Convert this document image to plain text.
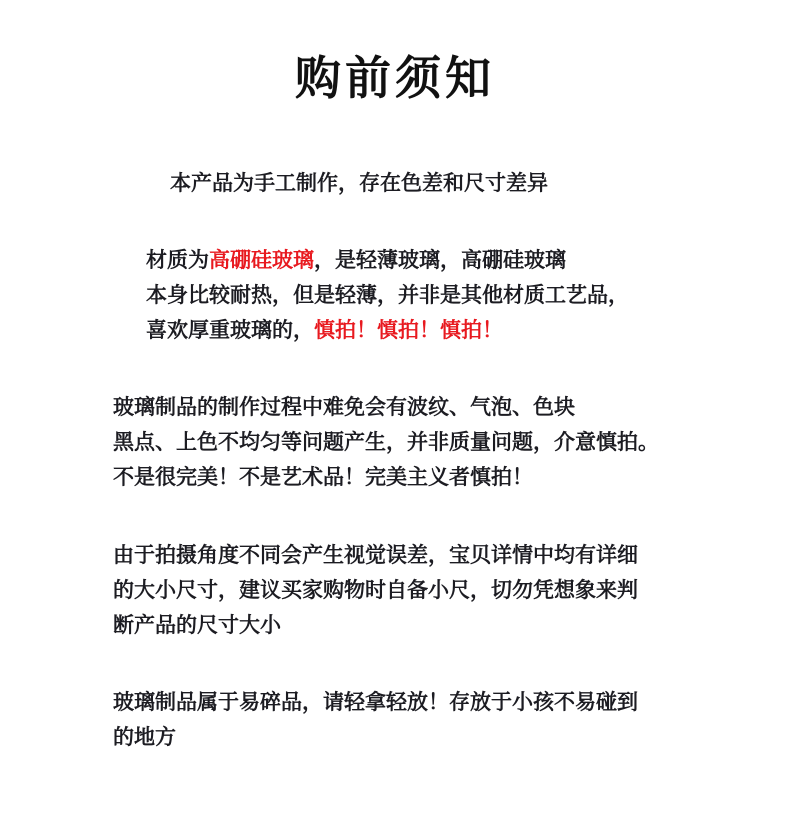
购前须知
本产品为手工制作，存在色差和尺寸差异
材质为高硼硅玻璃，是轻薄玻璃，高硼硅玻璃
本身比较耐热，但是轻薄，并非是其他材质工艺品，
喜欢厚重玻璃的，慎拍！慎拍！慎拍！
玻璃制品的制作过程中难免会有波纹、气泡、色块
黑点、上色不均匀等问题产生，并非质量问题，介意慎拍。
不是很完美！不是艺术品！完美主义者慎拍！
由于拍摄角度不同会产生视觉误差，宝贝详情中均有详细
的大小尺寸，建议买家购物时自备小尺，切勿凭想象来判
断产品的尺寸大小
玻璃制品属于易碎品，请轻拿轻放！存放于小孩不易碰到
的地方
